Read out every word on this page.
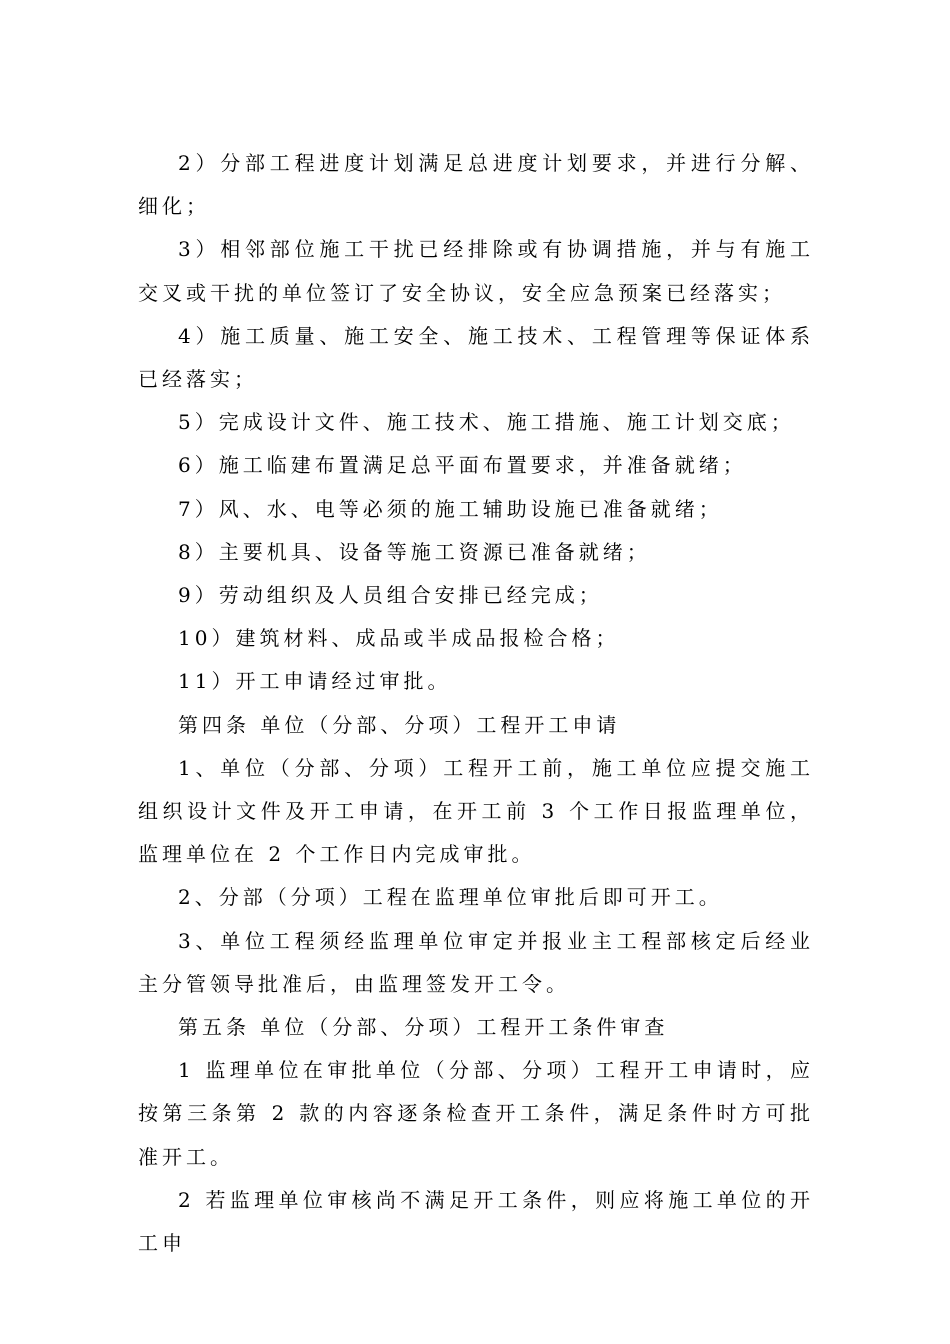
2）分部工程进度计划满足总进度计划要求，并进行分解、细化；

3）相邻部位施工干扰已经排除或有协调措施，并与有施工交叉或干扰的单位签订了安全协议，安全应急预案已经落实；

4）施工质量、施工安全、施工技术、工程管理等保证体系已经落实；

5）完成设计文件、施工技术、施工措施、施工计划交底；

6）施工临建布置满足总平面布置要求，并准备就绪；

7）风、水、电等必须的施工辅助设施已准备就绪；

8）主要机具、设备等施工资源已准备就绪；

9）劳动组织及人员组合安排已经完成；

10）建筑材料、成品或半成品报检合格；

11）开工申请经过审批。

第四条 单位（分部、分项）工程开工申请

1、单位（分部、分项）工程开工前，施工单位应提交施工组织设计文件及开工申请，在开工前 3 个工作日报监理单位，监理单位在 2 个工作日内完成审批。

2、分部（分项）工程在监理单位审批后即可开工。

3、单位工程须经监理单位审定并报业主工程部核定后经业主分管领导批准后，由监理签发开工令。

第五条 单位（分部、分项）工程开工条件审查

1 监理单位在审批单位（分部、分项）工程开工申请时，应按第三条第 2 款的内容逐条检查开工条件，满足条件时方可批准开工。

2 若监理单位审核尚不满足开工条件，则应将施工单位的开工申
